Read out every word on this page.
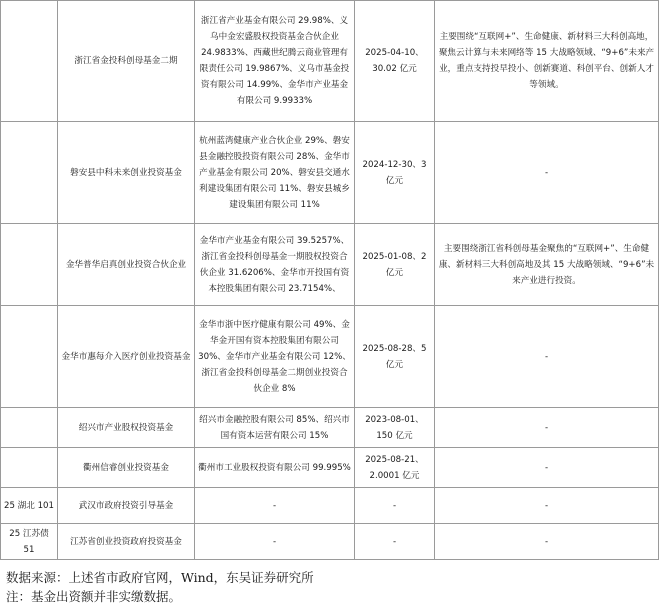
	浙江省金投科创母基金二期	浙江省产业基金有限公司 29.98%、义乌中金宏盛股权投资基金合伙企业 24.9833%、西藏世纪腾云商业管理有限责任公司 19.9867%、义乌市基金投资有限公司 14.99%、金华市产业基金有限公司 9.9933%	2025-04-10、30.02 亿元	主要围绕“互联网+”、生命健康、新材料三大科创高地，聚焦云计算与未来网络等 15 大战略领域、“9+6”未来产业，重点支持投早投小、创新赛道、科创平台、创新人才等领域。
	磐安县中科未来创业投资基金	杭州蓝湾健康产业合伙企业 29%、磐安县金融控股投资有限公司 28%、金华市产业基金有限公司 20%、磐安县交通水利建设集团有限公司 11%、磐安县城乡建设集团有限公司 11%	2024-12-30、3 亿元	-
	金华普华启真创业投资合伙企业	金华市产业基金有限公司 39.5257%、浙江省金投科创母基金一期股权投资合伙企业 31.6206%、金华市开投国有资本控股集团有限公司 23.7154%、	2025-01-08、2 亿元	主要围绕浙江省科创母基金聚焦的“互联网+”、生命健康、新材料三大科创高地及其 15 大战略领域、“9+6”未来产业进行投资。
	金华市惠每介入医疗创业投资基金	金华市浙中医疗健康有限公司 49%、金华金开国有资本控股集团有限公司 30%、金华市产业基金有限公司 12%、浙江省金投科创母基金二期创业投资合伙企业 8%	2025-08-28、5 亿元	-
	绍兴市产业股权投资基金	绍兴市金融控股有限公司 85%、绍兴市国有资本运营有限公司 15%	2023-08-01、150 亿元	-
	衢州信睿创业投资基金	衢州市工业股权投资有限公司 99.995%	2025-08-21、2.0001 亿元	-
25 湖北 101	武汉市政府投资引导基金	-	-	-
25 江苏债 51	江苏省创业投资政府投资基金	-	-	-
数据来源：上述省市政府官网，Wind，东吴证券研究所
注：基金出资额并非实缴数据。
